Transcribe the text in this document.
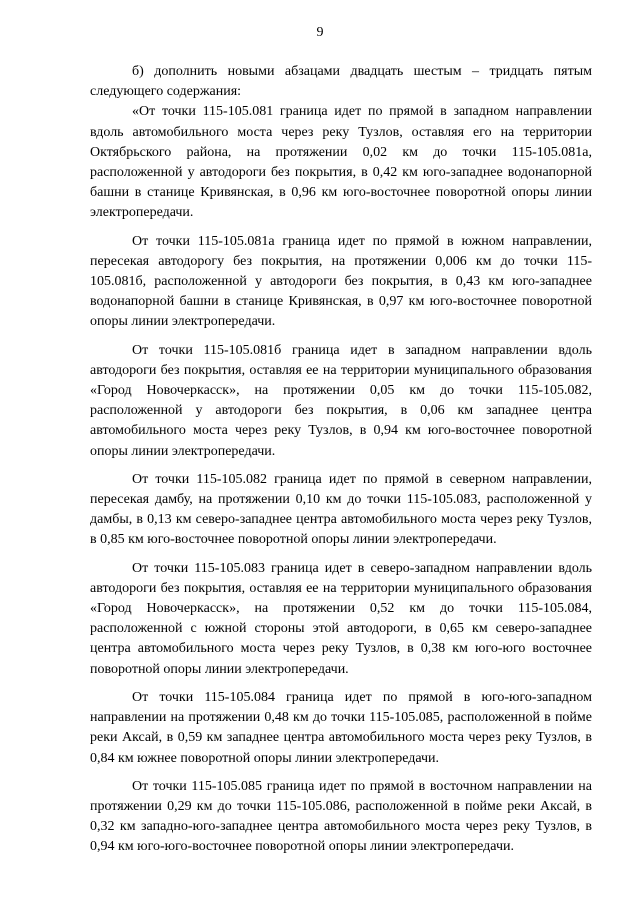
9

б) дополнить новыми абзацами двадцать шестым – тридцать пятым следующего содержания:

«От точки 115-105.081 граница идет по прямой в западном направлении вдоль автомобильного моста через реку Тузлов, оставляя его на территории Октябрьского района, на протяжении 0,02 км до точки 115-105.081а, расположенной у автодороги без покрытия, в 0,42 км юго-западнее водонапорной башни в станице Кривянская, в 0,96 км юго-восточнее поворотной опоры линии электропередачи.

От точки 115-105.081а граница идет по прямой в южном направлении, пересекая автодорогу без покрытия, на протяжении 0,006 км до точки 115-105.081б, расположенной у автодороги без покрытия, в 0,43 км юго-западнее водонапорной башни в станице Кривянская, в 0,97 км юго-восточнее поворотной опоры линии электропередачи.

От точки 115-105.081б граница идет в западном направлении вдоль автодороги без покрытия, оставляя ее на территории муниципального образования «Город Новочеркасск», на протяжении 0,05 км до точки 115-105.082, расположенной у автодороги без покрытия, в 0,06 км западнее центра автомобильного моста через реку Тузлов, в 0,94 км юго-восточнее поворотной опоры линии электропередачи.

От точки 115-105.082 граница идет по прямой в северном направлении, пересекая дамбу, на протяжении 0,10 км до точки 115-105.083, расположенной у дамбы, в 0,13 км северо-западнее центра автомобильного моста через реку Тузлов, в 0,85 км юго-восточнее поворотной опоры линии электропередачи.

От точки 115-105.083 граница идет в северо-западном направлении вдоль автодороги без покрытия, оставляя ее на территории муниципального образования «Город Новочеркасск», на протяжении 0,52 км до точки 115-105.084, расположенной с южной стороны этой автодороги, в 0,65 км северо-западнее центра автомобильного моста через реку Тузлов, в 0,38 км юго-юго восточнее поворотной опоры линии электропередачи.

От точки 115-105.084 граница идет по прямой в юго-юго-западном направлении на протяжении 0,48 км до точки 115-105.085, расположенной в пойме реки Аксай, в 0,59 км западнее центра автомобильного моста через реку Тузлов, в 0,84 км южнее поворотной опоры линии электропередачи.

От точки 115-105.085 граница идет по прямой в восточном направлении на протяжении 0,29 км до точки 115-105.086, расположенной в пойме реки Аксай, в 0,32 км западно-юго-западнее центра автомобильного моста через реку Тузлов, в 0,94 км юго-юго-восточнее поворотной опоры линии электропередачи.
